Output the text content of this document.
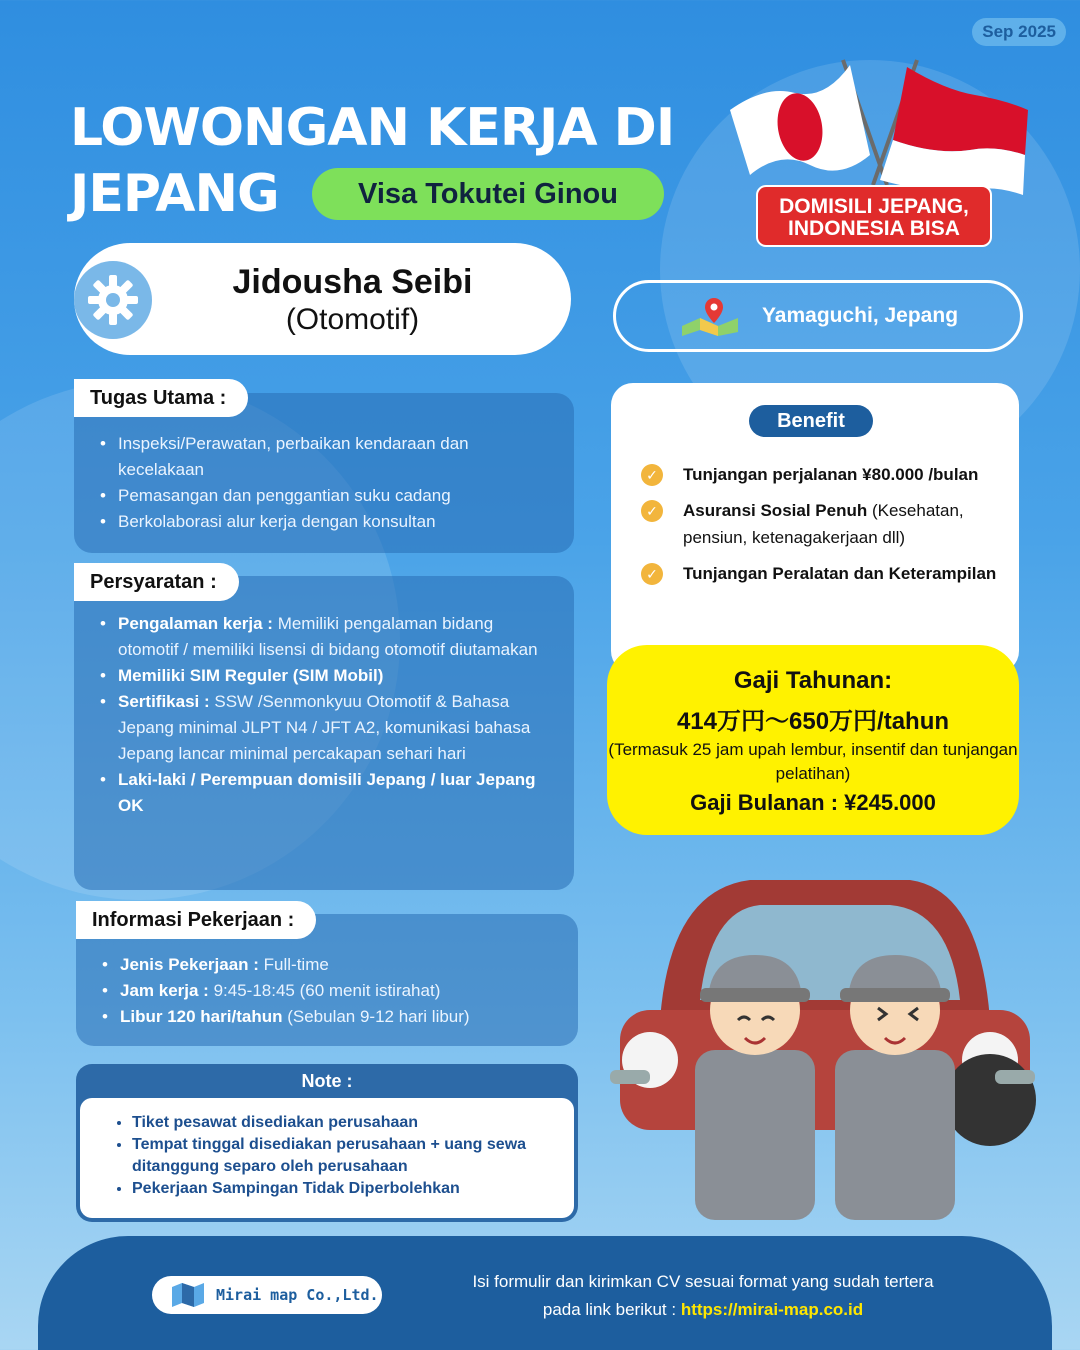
Sep 2025
LOWONGAN KERJA DI
JEPANG	Visa Tokutei Ginou	DOMISILI JEPANG, INDONESIA BISA
Jidousha Seibi
(Otomotif)	Yamaguchi, Jepang
• Inspeksi/Perawatan, perbaikan kendaraan dan kecelakaan
• Pemasangan dan penggantian suku cadang
• Berkolaborasi alur kerja dengan konsultan
Tugas Utama :
• Pengalaman kerja : Memiliki pengalaman bidang otomotif / memiliki lisensi di bidang otomotif diutamakan
• Memiliki SIM Reguler (SIM Mobil)
• Sertifikasi : SSW /Senmonkyuu Otomotif & Bahasa Jepang minimal JLPT N4 / JFT A2, komunikasi bahasa Jepang lancar minimal percakapan sehari hari
• Laki-laki / Perempuan domisili Jepang / luar Jepang OK
Persyaratan :
• Jenis Pekerjaan : Full-time
• Jam kerja : 9:45-18:45 (60 menit istirahat)
• Libur 120 hari/tahun (Sebulan 9-12 hari libur)
Informasi Pekerjaan :
Benefit
✓	Tunjangan perjalanan ¥80.000 /bulan
✓	Asuransi Sosial Penuh (Kesehatan, pensiun, ketenagakerjaan dll)
✓	Tunjangan Peralatan dan Keterampilan
Gaji Tahunan:
414万円～650万円/tahun
(Termasuk 25 jam upah lembur, insentif dan tunjangan pelatihan)
Gaji Bulanan : ¥245.000
Note :
• Tiket pesawat disediakan perusahaan
• Tempat tinggal disediakan perusahaan + uang sewa ditanggung separo oleh perusahaan
• Pekerjaan Sampingan Tidak Diperbolehkan
Mirai map Co.,Ltd.
Isi formulir dan kirimkan CV sesuai format yang sudah tertera
pada link berikut : https://mirai-map.co.id
